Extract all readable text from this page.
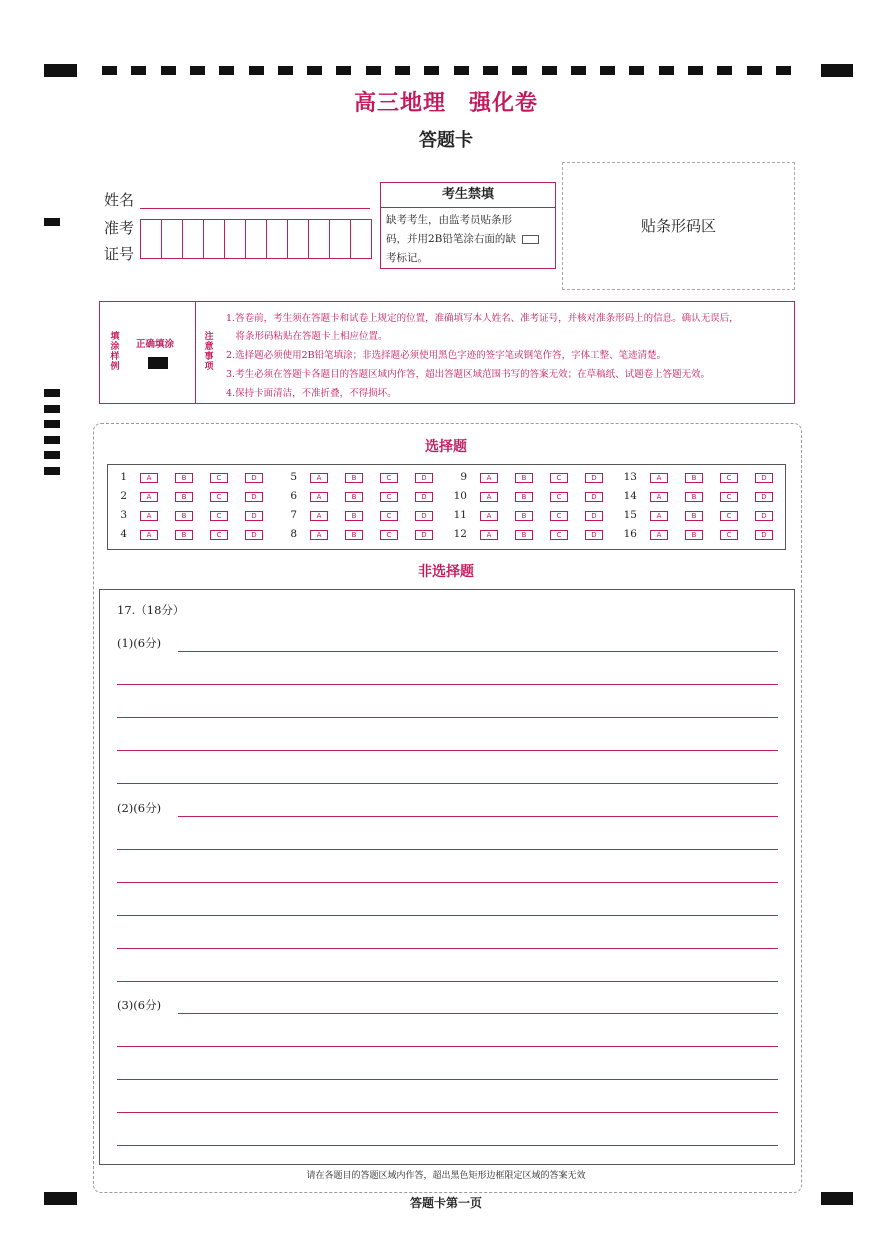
高三地理　强化卷
答题卡
姓名
准考
证号
考生禁填
缺考考生，由监考员贴条形码，并用2B铅笔涂右面的缺考标记。
贴条形码区
填涂样例
正确填涂
注意事项
1.答卷前，考生须在答题卡和试卷上规定的位置，准确填写本人姓名、准考证号，并核对准条形码上的信息。确认无误后，
　将条形码粘贴在答题卡上相应位置。
2.选择题必须使用2B铅笔填涂；非选择题必须使用黑色字迹的签字笔或钢笔作答，字体工整、笔迹清楚。
3.考生必须在答题卡各题目的答题区域内作答，超出答题区域范围书写的答案无效；在草稿纸、试题卷上答题无效。
4.保持卡面清洁，不准折叠，不得损坏。
选择题
1	A	B	C	D
2	A	B	C	D
3	A	B	C	D
4	A	B	C	D
5	A	B	C	D
6	A	B	C	D
7	A	B	C	D
8	A	B	C	D
9	A	B	C	D
10	A	B	C	D
11	A	B	C	D
12	A	B	C	D
13	A	B	C	D
14	A	B	C	D
15	A	B	C	D
16	A	B	C	D
非选择题
17.（18分）
(1)(6分)
(2)(6分)
(3)(6分)
请在各题目的答题区域内作答，超出黑色矩形边框限定区域的答案无效
答题卡第一页
